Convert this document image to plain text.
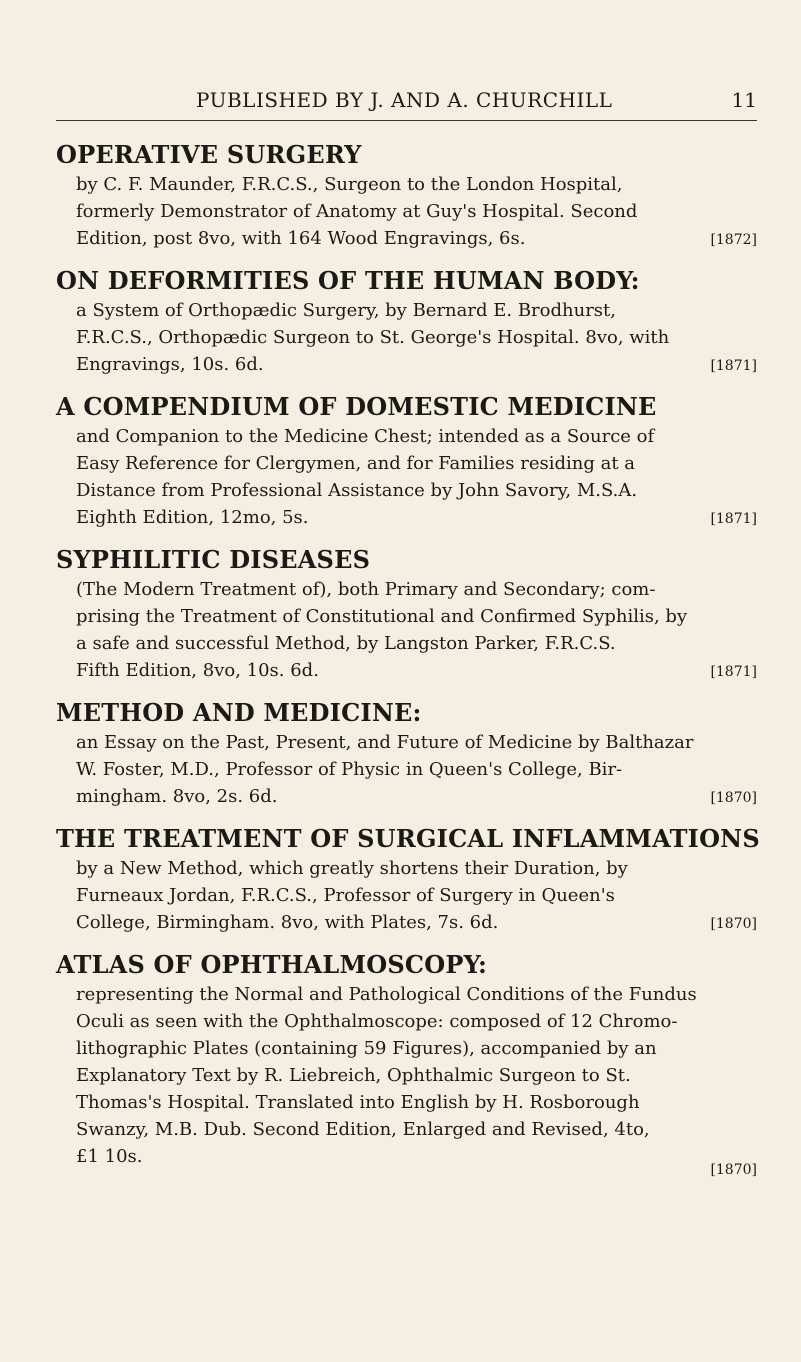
PUBLISHED BY J. AND A. CHURCHILL	11
OPERATIVE SURGERY
by C. F. Maunder, F.R.C.S., Surgeon to the London Hospital,
formerly Demonstrator of Anatomy at Guy's Hospital. Second
[1872]
Edition, post 8vo, with 164 Wood Engravings, 6s.
ON DEFORMITIES OF THE HUMAN BODY:
a System of Orthopædic Surgery, by Bernard E. Brodhurst,
F.R.C.S., Orthopædic Surgeon to St. George's Hospital. 8vo, with
[1871]
Engravings, 10s. 6d.
A COMPENDIUM OF DOMESTIC MEDICINE
and Companion to the Medicine Chest; intended as a Source of
Easy Reference for Clergymen, and for Families residing at a
Distance from Professional Assistance by John Savory, M.S.A.
[1871]
Eighth Edition, 12mo, 5s.
SYPHILITIC DISEASES
(The Modern Treatment of), both Primary and Secondary; com-
prising the Treatment of Constitutional and Confirmed Syphilis, by
a safe and successful Method, by Langston Parker, F.R.C.S.
[1871]
Fifth Edition, 8vo, 10s. 6d.
METHOD AND MEDICINE:
an Essay on the Past, Present, and Future of Medicine by Balthazar
W. Foster, M.D., Professor of Physic in Queen's College, Bir-
[1870]
mingham. 8vo, 2s. 6d.
THE TREATMENT OF SURGICAL INFLAMMATIONS
by a New Method, which greatly shortens their Duration, by
Furneaux Jordan, F.R.C.S., Professor of Surgery in Queen's
[1870]
College, Birmingham. 8vo, with Plates, 7s. 6d.
ATLAS OF OPHTHALMOSCOPY:
representing the Normal and Pathological Conditions of the Fundus
Oculi as seen with the Ophthalmoscope: composed of 12 Chromo-
lithographic Plates (containing 59 Figures), accompanied by an
Explanatory Text by R. Liebreich, Ophthalmic Surgeon to St.
Thomas's Hospital. Translated into English by H. Rosborough
Swanzy, M.B. Dub. Second Edition, Enlarged and Revised, 4to,
[1870]
£1 10s.
